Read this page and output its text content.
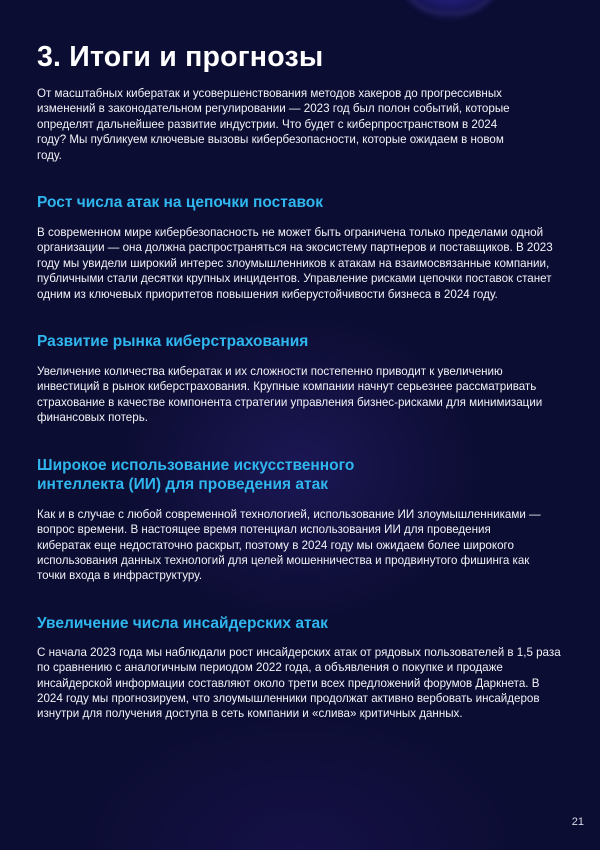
3. Итоги и прогнозы

От масштабных кибератак и усовершенствования методов хакеров до прогрессивных изменений в законодательном регулировании — 2023 год был полон событий, которые определят дальнейшее развитие индустрии. Что будет с киберпространством в 2024 году? Мы публикуем ключевые вызовы кибербезопасности, которые ожидаем в новом году.

Рост числа атак на цепочки поставок

В современном мире кибербезопасность не может быть ограничена только пределами одной организации — она должна распространяться на экосистему партнеров и поставщиков. В 2023 году мы увидели широкий интерес злоумышленников к атакам на взаимосвязанные компании, публичными стали десятки крупных инцидентов. Управление рисками цепочки поставок станет одним из ключевых приоритетов повышения киберустойчивости бизнеса в 2024 году.

Развитие рынка киберстрахования

Увеличение количества кибератак и их сложности постепенно приводит к увеличению инвестиций в рынок киберстрахования. Крупные компании начнут серьезнее рассматривать страхование в качестве компонента стратегии управления бизнес-рисками для минимизации финансовых потерь.

Широкое использование искусственного интеллекта (ИИ) для проведения атак

Как и в случае с любой современной технологией, использование ИИ злоумышленниками — вопрос времени. В настоящее время потенциал использования ИИ для проведения кибератак еще недостаточно раскрыт, поэтому в 2024 году мы ожидаем более широкого использования данных технологий для целей мошенничества и продвинутого фишинга как точки входа в инфраструктуру.

Увеличение числа инсайдерских атак

С начала 2023 года мы наблюдали рост инсайдерских атак от рядовых пользователей в 1,5 раза по сравнению с аналогичным периодом 2022 года, а объявления о покупке и продаже инсайдерской информации составляют около трети всех предложений форумов Даркнета. В 2024 году мы прогнозируем, что злоумышленники продолжат активно вербовать инсайдеров изнутри для получения доступа в сеть компании и «слива» критичных данных.

21
